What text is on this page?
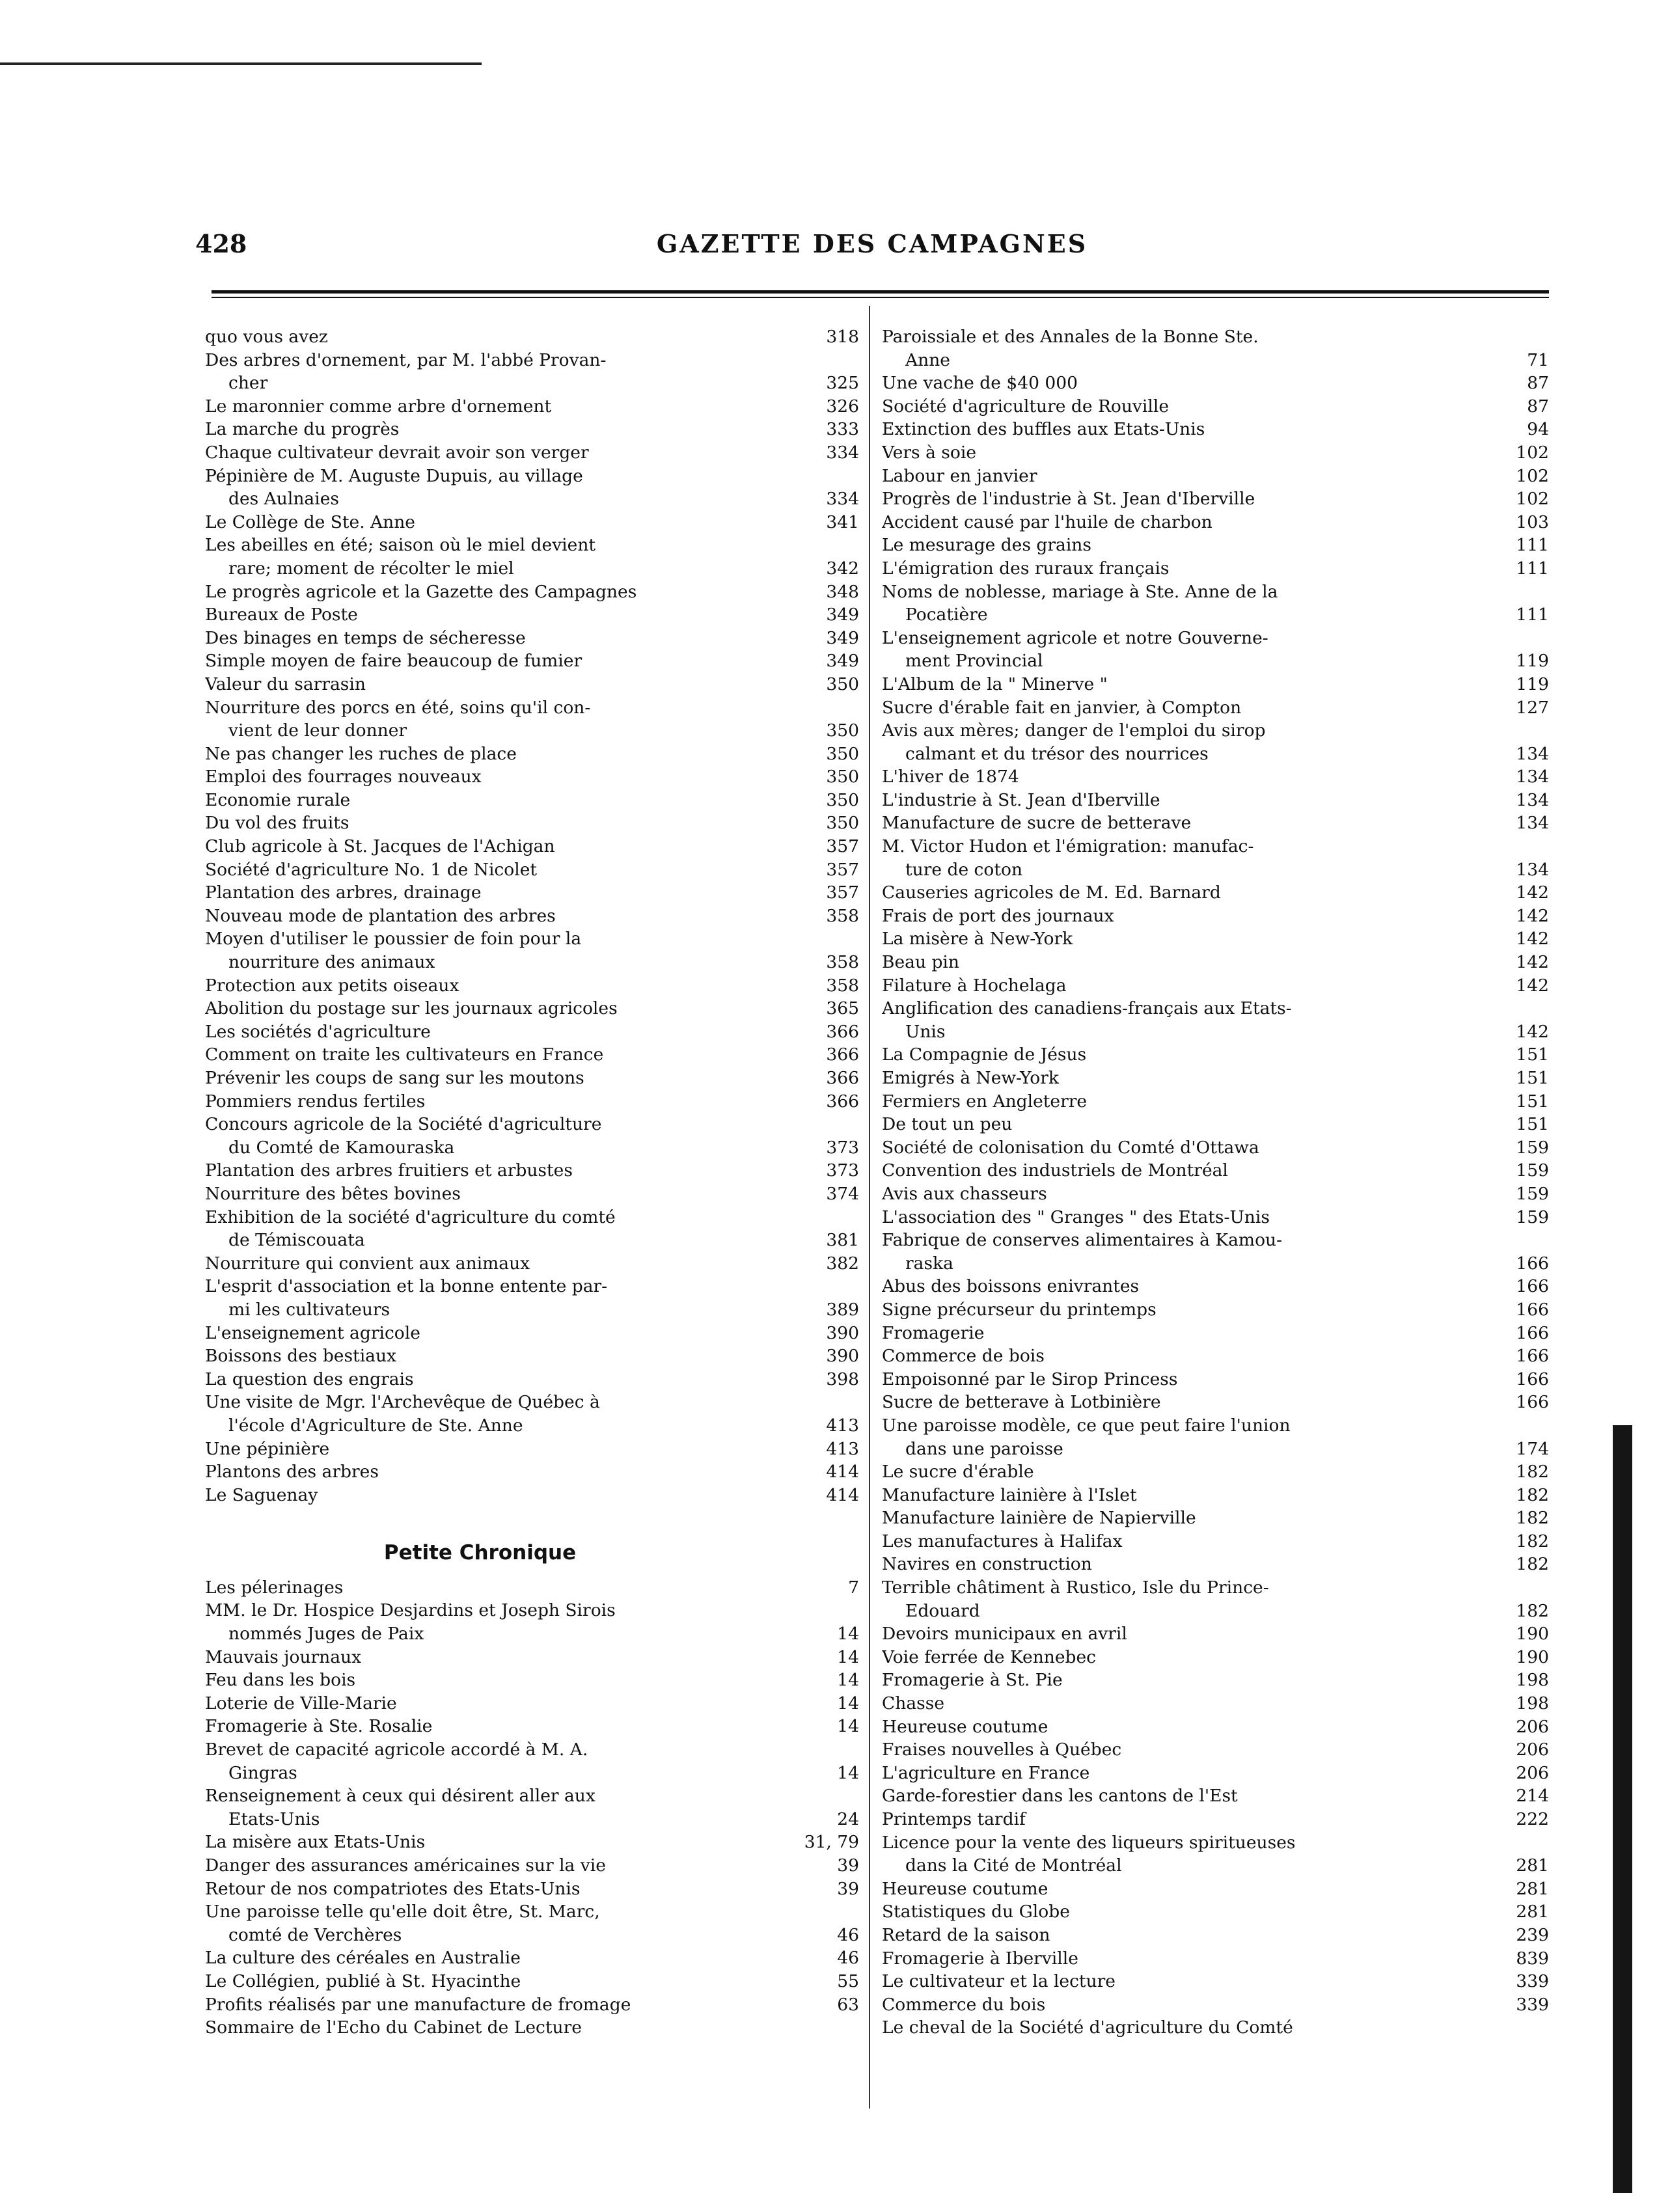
428	GAZETTE DES CAMPAGNES
quo vous avez	318
Des arbres d'ornement, par M. l'abbé Provan-
cher	325
Le maronnier comme arbre d'ornement	326
La marche du progrès	333
Chaque cultivateur devrait avoir son verger	334
Pépinière de M. Auguste Dupuis, au village
des Aulnaies	334
Le Collège de Ste. Anne	341
Les abeilles en été; saison où le miel devient
rare; moment de récolter le miel	342
Le progrès agricole et la Gazette des Campagnes	348
Bureaux de Poste	349
Des binages en temps de sécheresse	349
Simple moyen de faire beaucoup de fumier	349
Valeur du sarrasin	350
Nourriture des porcs en été, soins qu'il con-
vient de leur donner	350
Ne pas changer les ruches de place	350
Emploi des fourrages nouveaux	350
Economie rurale	350
Du vol des fruits	350
Club agricole à St. Jacques de l'Achigan	357
Société d'agriculture No. 1 de Nicolet	357
Plantation des arbres, drainage	357
Nouveau mode de plantation des arbres	358
Moyen d'utiliser le poussier de foin pour la
nourriture des animaux	358
Protection aux petits oiseaux	358
Abolition du postage sur les journaux agricoles	365
Les sociétés d'agriculture	366
Comment on traite les cultivateurs en France	366
Prévenir les coups de sang sur les moutons	366
Pommiers rendus fertiles	366
Concours agricole de la Société d'agriculture
du Comté de Kamouraska	373
Plantation des arbres fruitiers et arbustes	373
Nourriture des bêtes bovines	374
Exhibition de la société d'agriculture du comté
de Témiscouata	381
Nourriture qui convient aux animaux	382
L'esprit d'association et la bonne entente par-
mi les cultivateurs	389
L'enseignement agricole	390
Boissons des bestiaux	390
La question des engrais	398
Une visite de Mgr. l'Archevêque de Québec à
l'école d'Agriculture de Ste. Anne	413
Une pépinière	413
Plantons des arbres	414
Le Saguenay	414
Petite Chronique
Les pélerinages	7
MM. le Dr. Hospice Desjardins et Joseph Sirois
nommés Juges de Paix	14
Mauvais journaux	14
Feu dans les bois	14
Loterie de Ville-Marie	14
Fromagerie à Ste. Rosalie	14
Brevet de capacité agricole accordé à M. A.
Gingras	14
Renseignement à ceux qui désirent aller aux
Etats-Unis	24
La misère aux Etats-Unis	31, 79
Danger des assurances américaines sur la vie	39
Retour de nos compatriotes des Etats-Unis	39
Une paroisse telle qu'elle doit être, St. Marc,
comté de Verchères	46
La culture des céréales en Australie	46
Le Collégien, publié à St. Hyacinthe	55
Profits réalisés par une manufacture de fromage	63
Sommaire de l'Echo du Cabinet de Lecture
Paroissiale et des Annales de la Bonne Ste.
Anne	71
Une vache de $40 000	87
Société d'agriculture de Rouville	87
Extinction des buffles aux Etats-Unis	94
Vers à soie	102
Labour en janvier	102
Progrès de l'industrie à St. Jean d'Iberville	102
Accident causé par l'huile de charbon	103
Le mesurage des grains	111
L'émigration des ruraux français	111
Noms de noblesse, mariage à Ste. Anne de la
Pocatière	111
L'enseignement agricole et notre Gouverne-
ment Provincial	119
L'Album de la " Minerve "	119
Sucre d'érable fait en janvier, à Compton	127
Avis aux mères; danger de l'emploi du sirop
calmant et du trésor des nourrices	134
L'hiver de 1874	134
L'industrie à St. Jean d'Iberville	134
Manufacture de sucre de betterave	134
M. Victor Hudon et l'émigration: manufac-
ture de coton	134
Causeries agricoles de M. Ed. Barnard	142
Frais de port des journaux	142
La misère à New-York	142
Beau pin	142
Filature à Hochelaga	142
Anglification des canadiens-français aux Etats-
Unis	142
La Compagnie de Jésus	151
Emigrés à New-York	151
Fermiers en Angleterre	151
De tout un peu	151
Société de colonisation du Comté d'Ottawa	159
Convention des industriels de Montréal	159
Avis aux chasseurs	159
L'association des " Granges " des Etats-Unis	159
Fabrique de conserves alimentaires à Kamou-
raska	166
Abus des boissons enivrantes	166
Signe précurseur du printemps	166
Fromagerie	166
Commerce de bois	166
Empoisonné par le Sirop Princess	166
Sucre de betterave à Lotbinière	166
Une paroisse modèle, ce que peut faire l'union
dans une paroisse	174
Le sucre d'érable	182
Manufacture lainière à l'Islet	182
Manufacture lainière de Napierville	182
Les manufactures à Halifax	182
Navires en construction	182
Terrible châtiment à Rustico, Isle du Prince-
Edouard	182
Devoirs municipaux en avril	190
Voie ferrée de Kennebec	190
Fromagerie à St. Pie	198
Chasse	198
Heureuse coutume	206
Fraises nouvelles à Québec	206
L'agriculture en France	206
Garde-forestier dans les cantons de l'Est	214
Printemps tardif	222
Licence pour la vente des liqueurs spiritueuses
dans la Cité de Montréal	281
Heureuse coutume	281
Statistiques du Globe	281
Retard de la saison	239
Fromagerie à Iberville	839
Le cultivateur et la lecture	339
Commerce du bois	339
Le cheval de la Société d'agriculture du Comté
